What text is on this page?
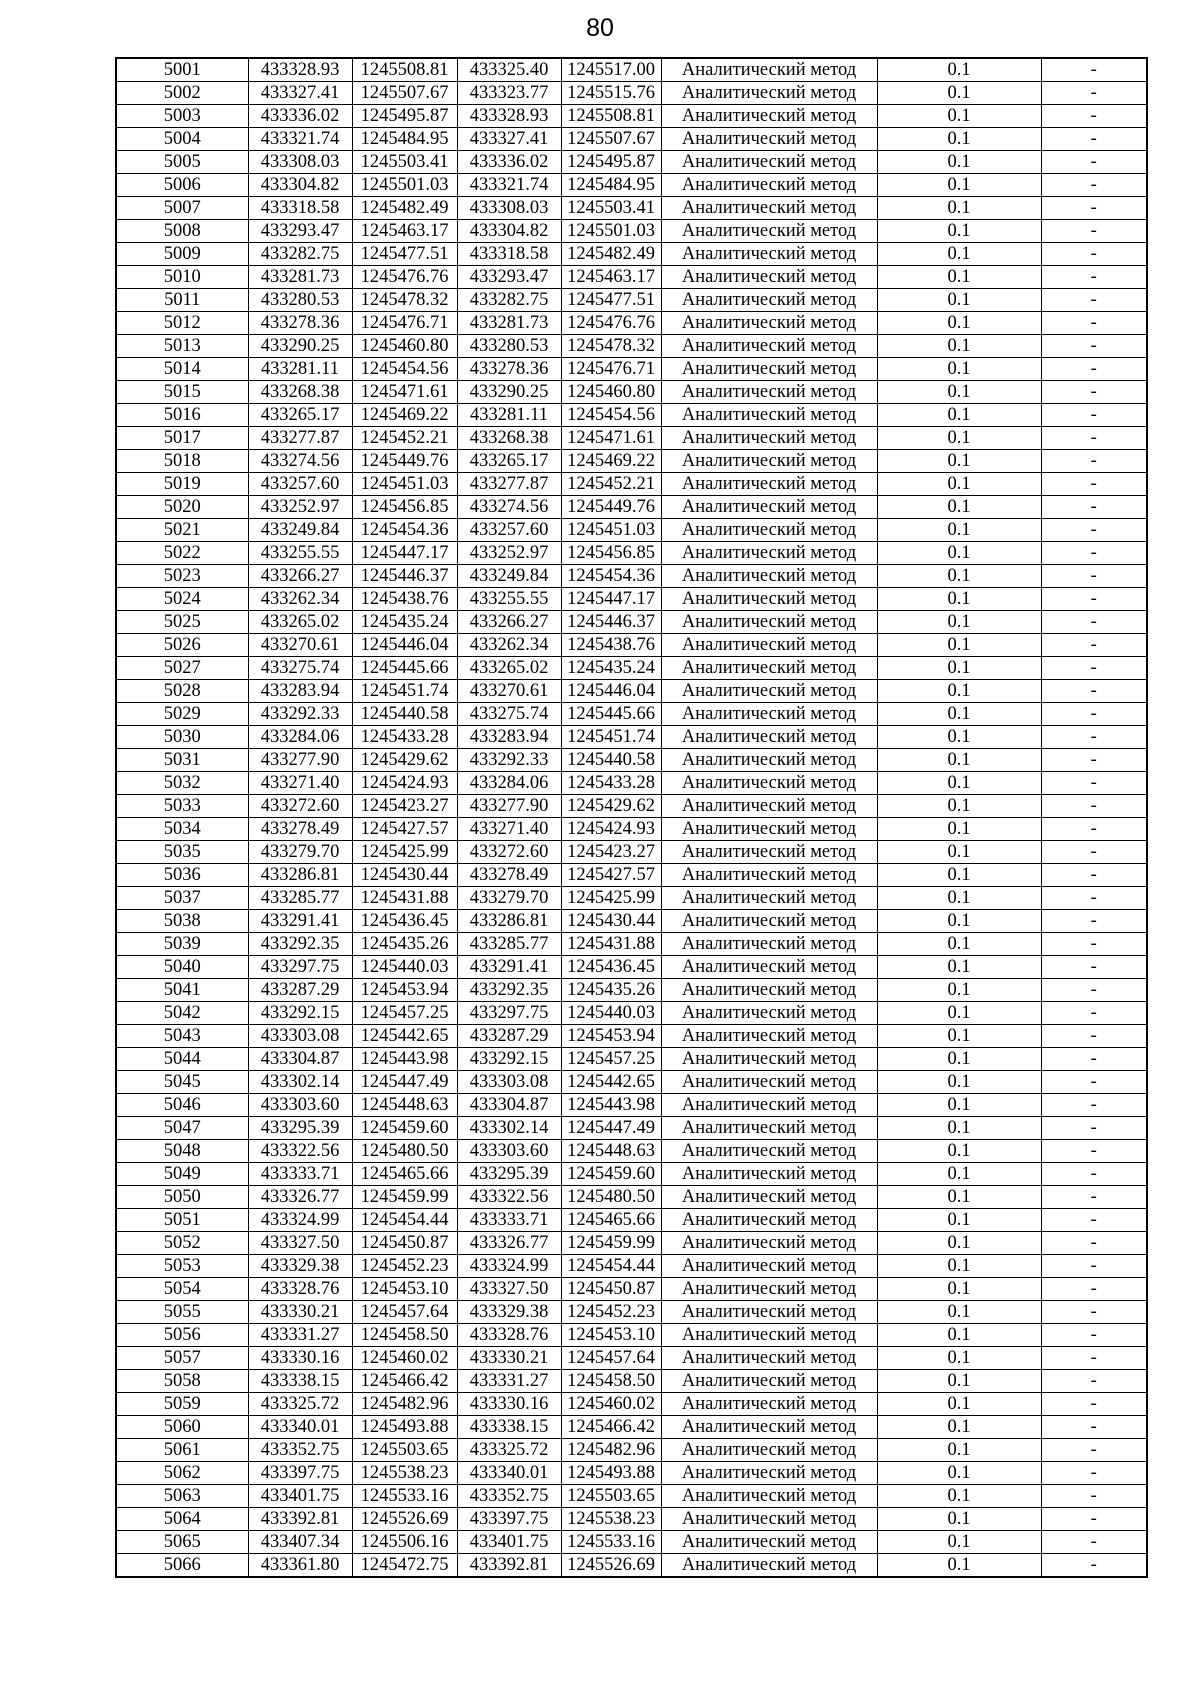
80
5001	433328.93	1245508.81	433325.40	1245517.00	Аналитический метод	0.1	-
5002	433327.41	1245507.67	433323.77	1245515.76	Аналитический метод	0.1	-
5003	433336.02	1245495.87	433328.93	1245508.81	Аналитический метод	0.1	-
5004	433321.74	1245484.95	433327.41	1245507.67	Аналитический метод	0.1	-
5005	433308.03	1245503.41	433336.02	1245495.87	Аналитический метод	0.1	-
5006	433304.82	1245501.03	433321.74	1245484.95	Аналитический метод	0.1	-
5007	433318.58	1245482.49	433308.03	1245503.41	Аналитический метод	0.1	-
5008	433293.47	1245463.17	433304.82	1245501.03	Аналитический метод	0.1	-
5009	433282.75	1245477.51	433318.58	1245482.49	Аналитический метод	0.1	-
5010	433281.73	1245476.76	433293.47	1245463.17	Аналитический метод	0.1	-
5011	433280.53	1245478.32	433282.75	1245477.51	Аналитический метод	0.1	-
5012	433278.36	1245476.71	433281.73	1245476.76	Аналитический метод	0.1	-
5013	433290.25	1245460.80	433280.53	1245478.32	Аналитический метод	0.1	-
5014	433281.11	1245454.56	433278.36	1245476.71	Аналитический метод	0.1	-
5015	433268.38	1245471.61	433290.25	1245460.80	Аналитический метод	0.1	-
5016	433265.17	1245469.22	433281.11	1245454.56	Аналитический метод	0.1	-
5017	433277.87	1245452.21	433268.38	1245471.61	Аналитический метод	0.1	-
5018	433274.56	1245449.76	433265.17	1245469.22	Аналитический метод	0.1	-
5019	433257.60	1245451.03	433277.87	1245452.21	Аналитический метод	0.1	-
5020	433252.97	1245456.85	433274.56	1245449.76	Аналитический метод	0.1	-
5021	433249.84	1245454.36	433257.60	1245451.03	Аналитический метод	0.1	-
5022	433255.55	1245447.17	433252.97	1245456.85	Аналитический метод	0.1	-
5023	433266.27	1245446.37	433249.84	1245454.36	Аналитический метод	0.1	-
5024	433262.34	1245438.76	433255.55	1245447.17	Аналитический метод	0.1	-
5025	433265.02	1245435.24	433266.27	1245446.37	Аналитический метод	0.1	-
5026	433270.61	1245446.04	433262.34	1245438.76	Аналитический метод	0.1	-
5027	433275.74	1245445.66	433265.02	1245435.24	Аналитический метод	0.1	-
5028	433283.94	1245451.74	433270.61	1245446.04	Аналитический метод	0.1	-
5029	433292.33	1245440.58	433275.74	1245445.66	Аналитический метод	0.1	-
5030	433284.06	1245433.28	433283.94	1245451.74	Аналитический метод	0.1	-
5031	433277.90	1245429.62	433292.33	1245440.58	Аналитический метод	0.1	-
5032	433271.40	1245424.93	433284.06	1245433.28	Аналитический метод	0.1	-
5033	433272.60	1245423.27	433277.90	1245429.62	Аналитический метод	0.1	-
5034	433278.49	1245427.57	433271.40	1245424.93	Аналитический метод	0.1	-
5035	433279.70	1245425.99	433272.60	1245423.27	Аналитический метод	0.1	-
5036	433286.81	1245430.44	433278.49	1245427.57	Аналитический метод	0.1	-
5037	433285.77	1245431.88	433279.70	1245425.99	Аналитический метод	0.1	-
5038	433291.41	1245436.45	433286.81	1245430.44	Аналитический метод	0.1	-
5039	433292.35	1245435.26	433285.77	1245431.88	Аналитический метод	0.1	-
5040	433297.75	1245440.03	433291.41	1245436.45	Аналитический метод	0.1	-
5041	433287.29	1245453.94	433292.35	1245435.26	Аналитический метод	0.1	-
5042	433292.15	1245457.25	433297.75	1245440.03	Аналитический метод	0.1	-
5043	433303.08	1245442.65	433287.29	1245453.94	Аналитический метод	0.1	-
5044	433304.87	1245443.98	433292.15	1245457.25	Аналитический метод	0.1	-
5045	433302.14	1245447.49	433303.08	1245442.65	Аналитический метод	0.1	-
5046	433303.60	1245448.63	433304.87	1245443.98	Аналитический метод	0.1	-
5047	433295.39	1245459.60	433302.14	1245447.49	Аналитический метод	0.1	-
5048	433322.56	1245480.50	433303.60	1245448.63	Аналитический метод	0.1	-
5049	433333.71	1245465.66	433295.39	1245459.60	Аналитический метод	0.1	-
5050	433326.77	1245459.99	433322.56	1245480.50	Аналитический метод	0.1	-
5051	433324.99	1245454.44	433333.71	1245465.66	Аналитический метод	0.1	-
5052	433327.50	1245450.87	433326.77	1245459.99	Аналитический метод	0.1	-
5053	433329.38	1245452.23	433324.99	1245454.44	Аналитический метод	0.1	-
5054	433328.76	1245453.10	433327.50	1245450.87	Аналитический метод	0.1	-
5055	433330.21	1245457.64	433329.38	1245452.23	Аналитический метод	0.1	-
5056	433331.27	1245458.50	433328.76	1245453.10	Аналитический метод	0.1	-
5057	433330.16	1245460.02	433330.21	1245457.64	Аналитический метод	0.1	-
5058	433338.15	1245466.42	433331.27	1245458.50	Аналитический метод	0.1	-
5059	433325.72	1245482.96	433330.16	1245460.02	Аналитический метод	0.1	-
5060	433340.01	1245493.88	433338.15	1245466.42	Аналитический метод	0.1	-
5061	433352.75	1245503.65	433325.72	1245482.96	Аналитический метод	0.1	-
5062	433397.75	1245538.23	433340.01	1245493.88	Аналитический метод	0.1	-
5063	433401.75	1245533.16	433352.75	1245503.65	Аналитический метод	0.1	-
5064	433392.81	1245526.69	433397.75	1245538.23	Аналитический метод	0.1	-
5065	433407.34	1245506.16	433401.75	1245533.16	Аналитический метод	0.1	-
5066	433361.80	1245472.75	433392.81	1245526.69	Аналитический метод	0.1	-
